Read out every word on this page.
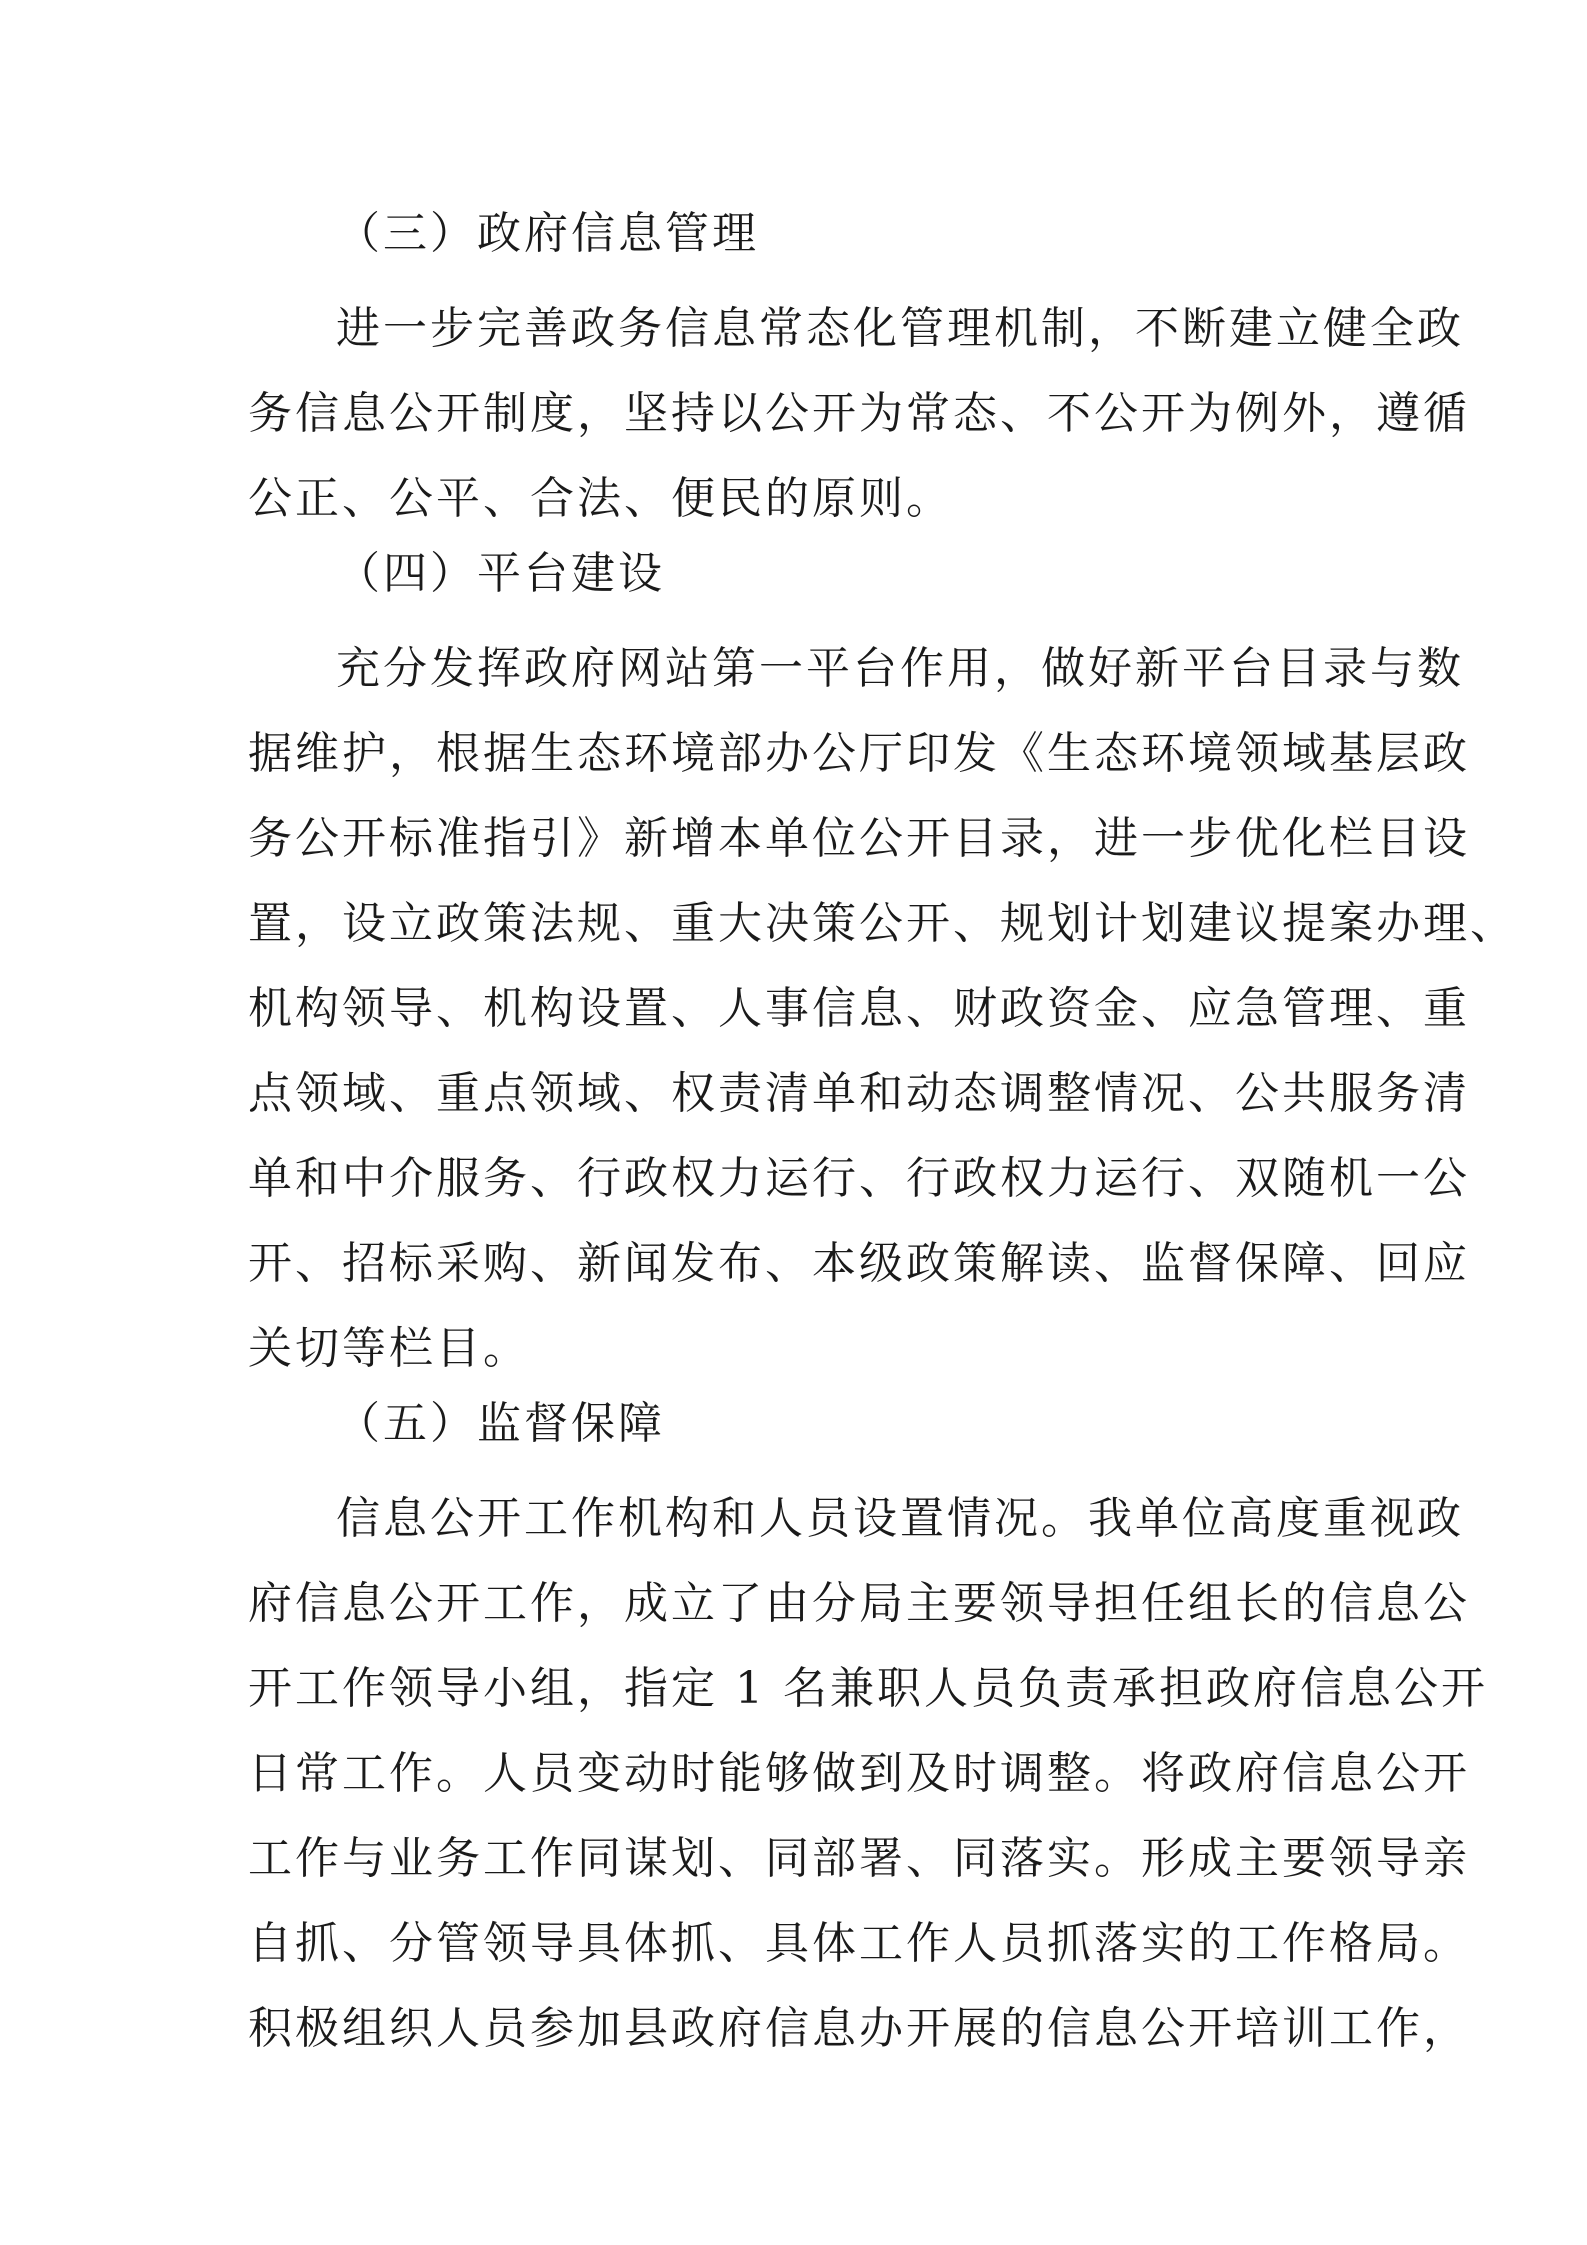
（三）政府信息管理
进一步完善政务信息常态化管理机制，不断建立健全政
务信息公开制度，坚持以公开为常态、不公开为例外，遵循
公正、公平、合法、便民的原则。
（四）平台建设
充分发挥政府网站第一平台作用，做好新平台目录与数
据维护，根据生态环境部办公厅印发《生态环境领域基层政
务公开标准指引》新增本单位公开目录，进一步优化栏目设
置，设立政策法规、重大决策公开、规划计划建议提案办理、
机构领导、机构设置、人事信息、财政资金、应急管理、重
点领域、重点领域、权责清单和动态调整情况、公共服务清
单和中介服务、行政权力运行、行政权力运行、双随机一公
开、招标采购、新闻发布、本级政策解读、监督保障、回应
关切等栏目。
（五）监督保障
信息公开工作机构和人员设置情况。我单位高度重视政
府信息公开工作，成立了由分局主要领导担任组长的信息公
开工作领导小组，指定 1 名兼职人员负责承担政府信息公开
日常工作。人员变动时能够做到及时调整。将政府信息公开
工作与业务工作同谋划、同部署、同落实。形成主要领导亲
自抓、分管领导具体抓、具体工作人员抓落实的工作格局。
积极组织人员参加县政府信息办开展的信息公开培训工作，
